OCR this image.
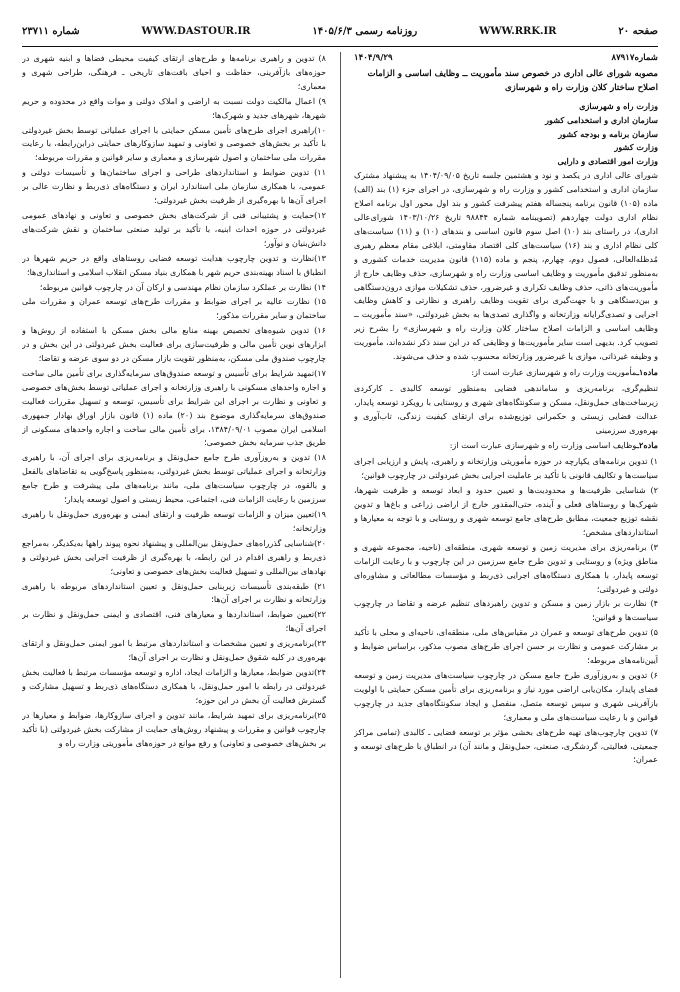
صفحه ۲۰
WWW.RRK.IR
روزنامه رسمی ۱۴۰۵/۶/۳
WWW.DASTOUR.IR
شماره ۲۳۷۱۱
شماره۸۷۹۱۷
۱۴۰۴/۹/۲۹

مصوبه شورای عالی اداری در خصوص سند مأموریت ــ وظایف اساسی و الزامات اصلاح ساختار کلان وزارت راه و شهرسازی

وزارت راه و شهرسازی

سازمان اداری و استخدامی کشور

سازمان برنامه و بودجه کشور

وزارت کشور

وزارت امور اقتصادی و دارایی

شورای عالی اداری در یکصد و نود و هشتمین جلسه تاریخ ۱۴۰۴/۰۹/۰۵ به پیشنهاد مشترک سازمان اداری و استخدامی کشور و وزارت راه و شهرسازی، در اجرای جزء (۱) بند (الف) ماده (۱۰۵) قانون برنامه پنجساله هفتم پیشرفت کشور و بند اول محور اول برنامه اصلاح نظام اداری دولت چهاردهم (تصویبنامه شماره ۹۸۸۴۴ تاریخ ۱۴۰۳/۱۰/۲۶ شورای‌عالی اداری)، در راستای بند (۱۰) اصل سوم قانون اساسی و بندهای (۱۰) و (۱۱) سیاست‌های کلی نظام اداری و بند (۱۶) سیاست‌های کلی اقتصاد مقاومتی، ابلاغی مقام معظم رهبری مُدظله‌العالی، فصول دوم، چهارم، پنجم و ماده (۱۱۵) قانون مدیریت خدمات کشوری و به‌منظور تدقیق مأموریت و وظایف اساسی وزارت راه و شهرسازی، حذف وظایف خارج از مأموریت‌های ذاتی، حذف وظایف تکراری و غیرضرور، حذف تشکیلات موازی درون‌دستگاهی و بین‌دستگاهی و با جهت‌گیری برای تقویت وظایف راهبری و نظارتی و کاهش وظایف اجرایی و تصدی‌گرایانه وزارتخانه و واگذاری تصدی‌ها به بخش غیردولتی، «سند مأموریت ــ وظایف اساسی و الزامات اصلاح ساختار کلان وزارت راه و شهرسازی» را بشرح زیر تصویب کرد. بدیهی است سایر مأموریت‌ها و وظایفی که در این سند ذکر نشده‌اند، مأموریت و وظیفه غیرذاتی، موازی یا غیرضرور وزارتخانه محسوب شده و حذف می‌شوند.

ماده۱ـمأموریت وزارت راه و شهرسازی عبارت است از:

تنظیم‌گری، برنامه‌ریزی و ساماندهی فضایی به‌منظور توسعه کالبدی ـ کارکردی زیرساخت‌های حمل‌ونقل، مسکن و سکونتگاه‌های شهری و روستایی با رویکرد توسعه پایدار، عدالت فضایی زیستی و حکمرانی توزیع‌شده برای ارتقای کیفیت زندگی، تاب‌آوری و بهره‌وری سرزمینی

ماده۲ـوظایف اساسی وزارت راه و شهرسازی عبارت است از:

۱) تدوین برنامه‌های یکپارچه در حوزه مأموریتی وزارتخانه و راهبری، پایش و ارزیابی اجرای سیاست‌ها و تکالیف قانونی با تأکید بر عاملیت اجرایی بخش غیردولتی در چارچوب قوانین؛

۲) شناسایی ظرفیت‌ها و محدودیت‌ها و تعیین حدود و ابعاد توسعه و ظرفیت شهرها، شهرک‌ها و روستاهای فعلی و آینده، حتی‌المقدور خارج از اراضی زراعی و باغ‌ها و تدوین نقشه توزیع جمعیت، مطابق طرح‌های جامع توسعه شهری و روستایی و با توجه به معیارها و استانداردهای مشخص؛

۳) برنامه‌ریزی برای مدیریت زمین و توسعه شهری، منطقه‌ای (ناحیه، مجموعه شهری و مناطق ویژه) و روستایی و تدوین طرح جامع سرزمین در این چارچوب و با رعایت الزامات توسعه پایدار، با همکاری دستگاه‌های اجرایی ذی‌ربط و مؤسسات مطالعاتی و مشاوره‌ای دولتی و غیردولتی؛

۴) نظارت بر بازار زمین و مسکن و تدوین راهبردهای تنظیم عرضه و تقاضا در چارچوب سیاست‌ها و قوانین؛

۵) تدوین طرح‌های توسعه و عمران در مقیاس‌های ملی، منطقه‌ای، ناحیه‌ای و محلی با تأکید بر مشارکت عمومی و نظارت بر حسن اجرای طرح‌های مصوب مذکور، براساس ضوابط و آیین‌نامه‌های مربوطه؛

۶) تدوین و به‌روزآوری طرح جامع مسکن در چارچوب سیاست‌های مدیریت زمین و توسعه فضای پایدار، مکان‌یابی اراضی مورد نیاز و برنامه‌ریزی برای تأمین مسکن حمایتی با اولویت بازآفرینی شهری و سپس توسعه متصل، منفصل و ایجاد سکونتگاه‌های جدید در چارچوب قوانین و با رعایت سیاست‌های ملی و معماری؛

۷) تدوین چارچوب‌های تهیه طرح‌های بخشی مؤثر بر توسعه فضایی ـ کالبدی (تمامی مراکز جمعیتی، فعالیتی، گردشگری، صنعتی، حمل‌ونقل و مانند آن) در انطباق با طرح‌های توسعه و عمران؛

۸) تدوین و راهبری برنامه‌ها و طرح‌های ارتقای کیفیت محیطی فضاها و ابنیه شهری در حوزه‌های بازآفرینی، حفاظت و احیای بافت‌های تاریخی ـ فرهنگی، طراحی شهری و معماری؛

۹) اعمال مالکیت دولت نسبت به اراضی و املاک دولتی و موات واقع در محدوده و حریم شهرها، شهرهای جدید و شهرک‌ها؛

۱۰)راهبری اجرای طرح‌های تأمین مسکن حمایتی با اجرای عملیاتی توسط بخش غیردولتی با تأکید بر بخش‌های خصوصی و تعاونی و تمهید سازوکارهای حمایتی درابن‌رابطه، با رعایت مقررات ملی ساختمان و اصول شهرسازی و معماری و سایر قوانین و مقررات مربوطه؛

۱۱) تدوین ضوابط و استانداردهای طراحی و اجرای ساختمان‌ها و تأسیسات دولتی و عمومی، با همکاری سازمان ملی استاندارد ایران و دستگاه‌های ذی‌ربط و نظارت عالی بر اجرای آن‌ها با بهره‌گیری از ظرفیت بخش غیردولتی؛

۱۲)حمایت و پشتیبانی فنی از شرکت‌های بخش خصوصی و تعاونی و نهادهای عمومی غیردولتی در حوزه احداث ابنیه، با تأکید بر تولید صنعتی ساختمان و نقش شرکت‌های دانش‌بنیان و نوآور؛

۱۳)نظارت و تدوین چارچوب هدایت توسعه فضایی روستاهای واقع در حریم شهرها در انطباق با اسناد بهینه‌بندی حریم شهر با همکاری بنیاد مسکن انقلاب اسلامی و استانداری‌ها؛

۱۴) نظارت بر عملکرد سازمان نظام مهندسی و ارکان آن در چارچوب قوانین مربوطه؛

۱۵) نظارت عالیه بر اجرای ضوابط و مقررات طرح‌های توسعه عمران و مقررات ملی ساختمان و سایر مقررات مذکور؛

۱۶) تدوین شیوه‌های تخصیص بهینه منابع مالی بخش مسکن با استفاده از روش‌ها و ابزارهای نوین تأمین مالی و ظرفیت‌سازی برای فعالیت بخش غیردولتی در این بخش و در چارچوب صندوق ملی مسکن، به‌منظور تقویت بازار مسکن در دو سوی عرضه و تقاضا؛

۱۷)تمهید شرایط برای تأسیس و توسعه صندوق‌های سرمایه‌گذاری برای تأمین مالی ساخت و اجاره واحدهای مسکونی با راهبری وزارتخانه و اجرای عملیاتی توسط بخش‌های خصوصی و تعاونی و نظارت بر اجرای این شرایط برای تأسیس، توسعه و تسهیل مقررات فعالیت صندوق‌های سرمایه‌گذاری موضوع بند (۲۰) ماده (۱) قانون بازار اوراق بهادار جمهوری اسلامی ایران مصوب ۱۳۸۴/۰۹/۰۱، برای تأمین مالی ساخت و اجاره واحدهای مسکونی از طریق جذب سرمایه بخش خصوصی؛

۱۸) تدوین و به‌روزآوری طرح جامع حمل‌ونقل و برنامه‌ریزی برای اجرای آن، با راهبری وزارتخانه و اجرای عملیاتی توسط بخش غیردولتی، به‌منظور پاسخ‌گویی به تقاضاهای بالفعل و بالقوه، در چارچوب سیاست‌های ملی، مانند برنامه‌های ملی پیشرفت و طرح جامع سرزمین با رعایت الزامات فنی، اجتماعی، محیط زیستی و اصول توسعه پایدار؛

۱۹)تعیین میزان و الزامات توسعه ظرفیت و ارتقای ایمنی و بهره‌وری حمل‌ونقل با راهبری وزارتخانه؛

۲۰)شناسایی گذرراه‌های حمل‌ونقل بین‌المللی و پیشنهاد نحوه پیوند راهها به‌یکدیگر، به‌مراجع ذی‌ربط و راهبری اقدام در این رابطه، با بهره‌گیری از ظرفیت اجرایی بخش غیردولتی و نهادهای بین‌المللی و تسهیل فعالیت بخش‌های خصوصی و تعاونی؛

۲۱) طبقه‌بندی تأسیسات زیربنایی حمل‌ونقل و تعیین استانداردهای مربوطه با راهبری وزارتخانه و نظارت بر اجرای آن‌ها؛

۲۲)تعیین ضوابط، استانداردها و معیارهای فنی، اقتصادی و ایمنی حمل‌ونقل و نظارت بر اجرای آن‌ها؛

۲۳)برنامه‌ریزی و تعیین مشخصات و استانداردهای مرتبط با امور ایمنی حمل‌ونقل و ارتقای بهره‌وری در کلیه شقوق حمل‌ونقل و نظارت بر اجرای آن‌ها؛

۲۴)تدوین ضوابط، معیارها و الزامات ایجاد، اداره و توسعه مؤسسات مرتبط با فعالیت بخش غیردولتی در رابطه با امور حمل‌ونقل، با همکاری دستگاه‌های ذی‌ربط و تسهیل مشارکت و گسترش فعالیت آن بخش در این حوزه؛

۲۵)برنامه‌ریزی برای تمهید شرایط، مانند تدوین و اجرای سازوکارها، ضوابط و معیارها در چارچوب قوانین و مقررات و پیشنهاد روش‌های حمایت از مشارکت بخش غیردولتی (با تأکید بر بخش‌های خصوصی و تعاونی) و رفع موانع در حوزه‌های مأموریتی وزارت راه و
